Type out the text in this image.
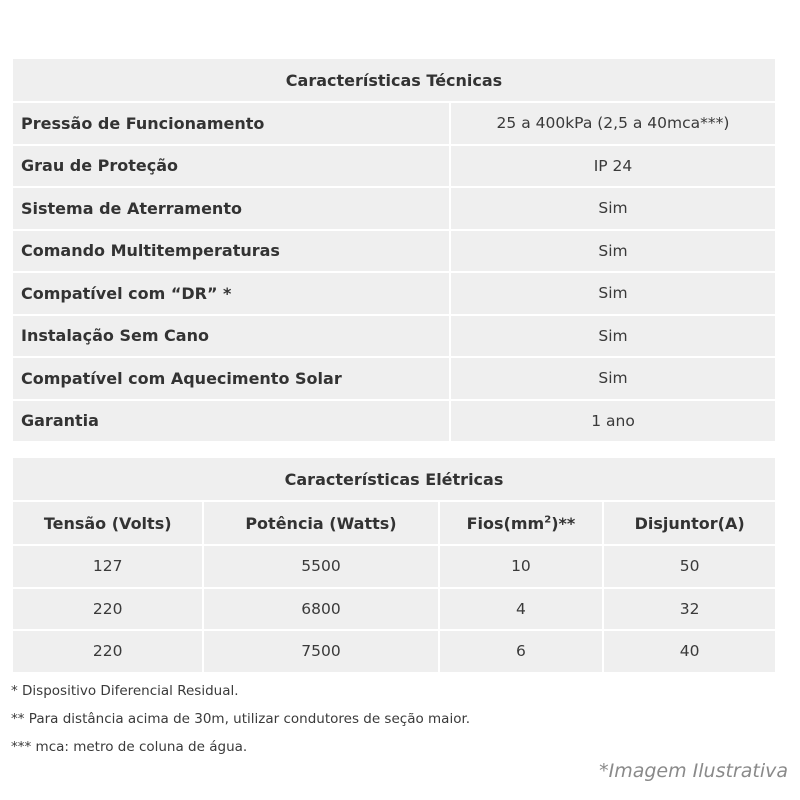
Características Técnicas	
Pressão de Funcionamento	25 a 400kPa (2,5 a 40mca***)
Grau de Proteção	IP 24
Sistema de Aterramento	Sim
Comando Multitemperaturas	Sim
Compatível com “DR” *	Sim
Instalação Sem Cano	Sim
Compatível com Aquecimento Solar	Sim
Garantia	1 ano
Características Elétricas			
Tensão (Volts)	Potência (Watts)	$Fios(mm^2)**$	Disjuntor(A)
127	5500	10	50
220	6800	4	32
220	7500	6	40
* Dispositivo Diferencial Residual.
** Para distância acima de 30m, utilizar condutores de seção maior.
*** mca: metro de coluna de água.
*Imagem Ilustrativa
